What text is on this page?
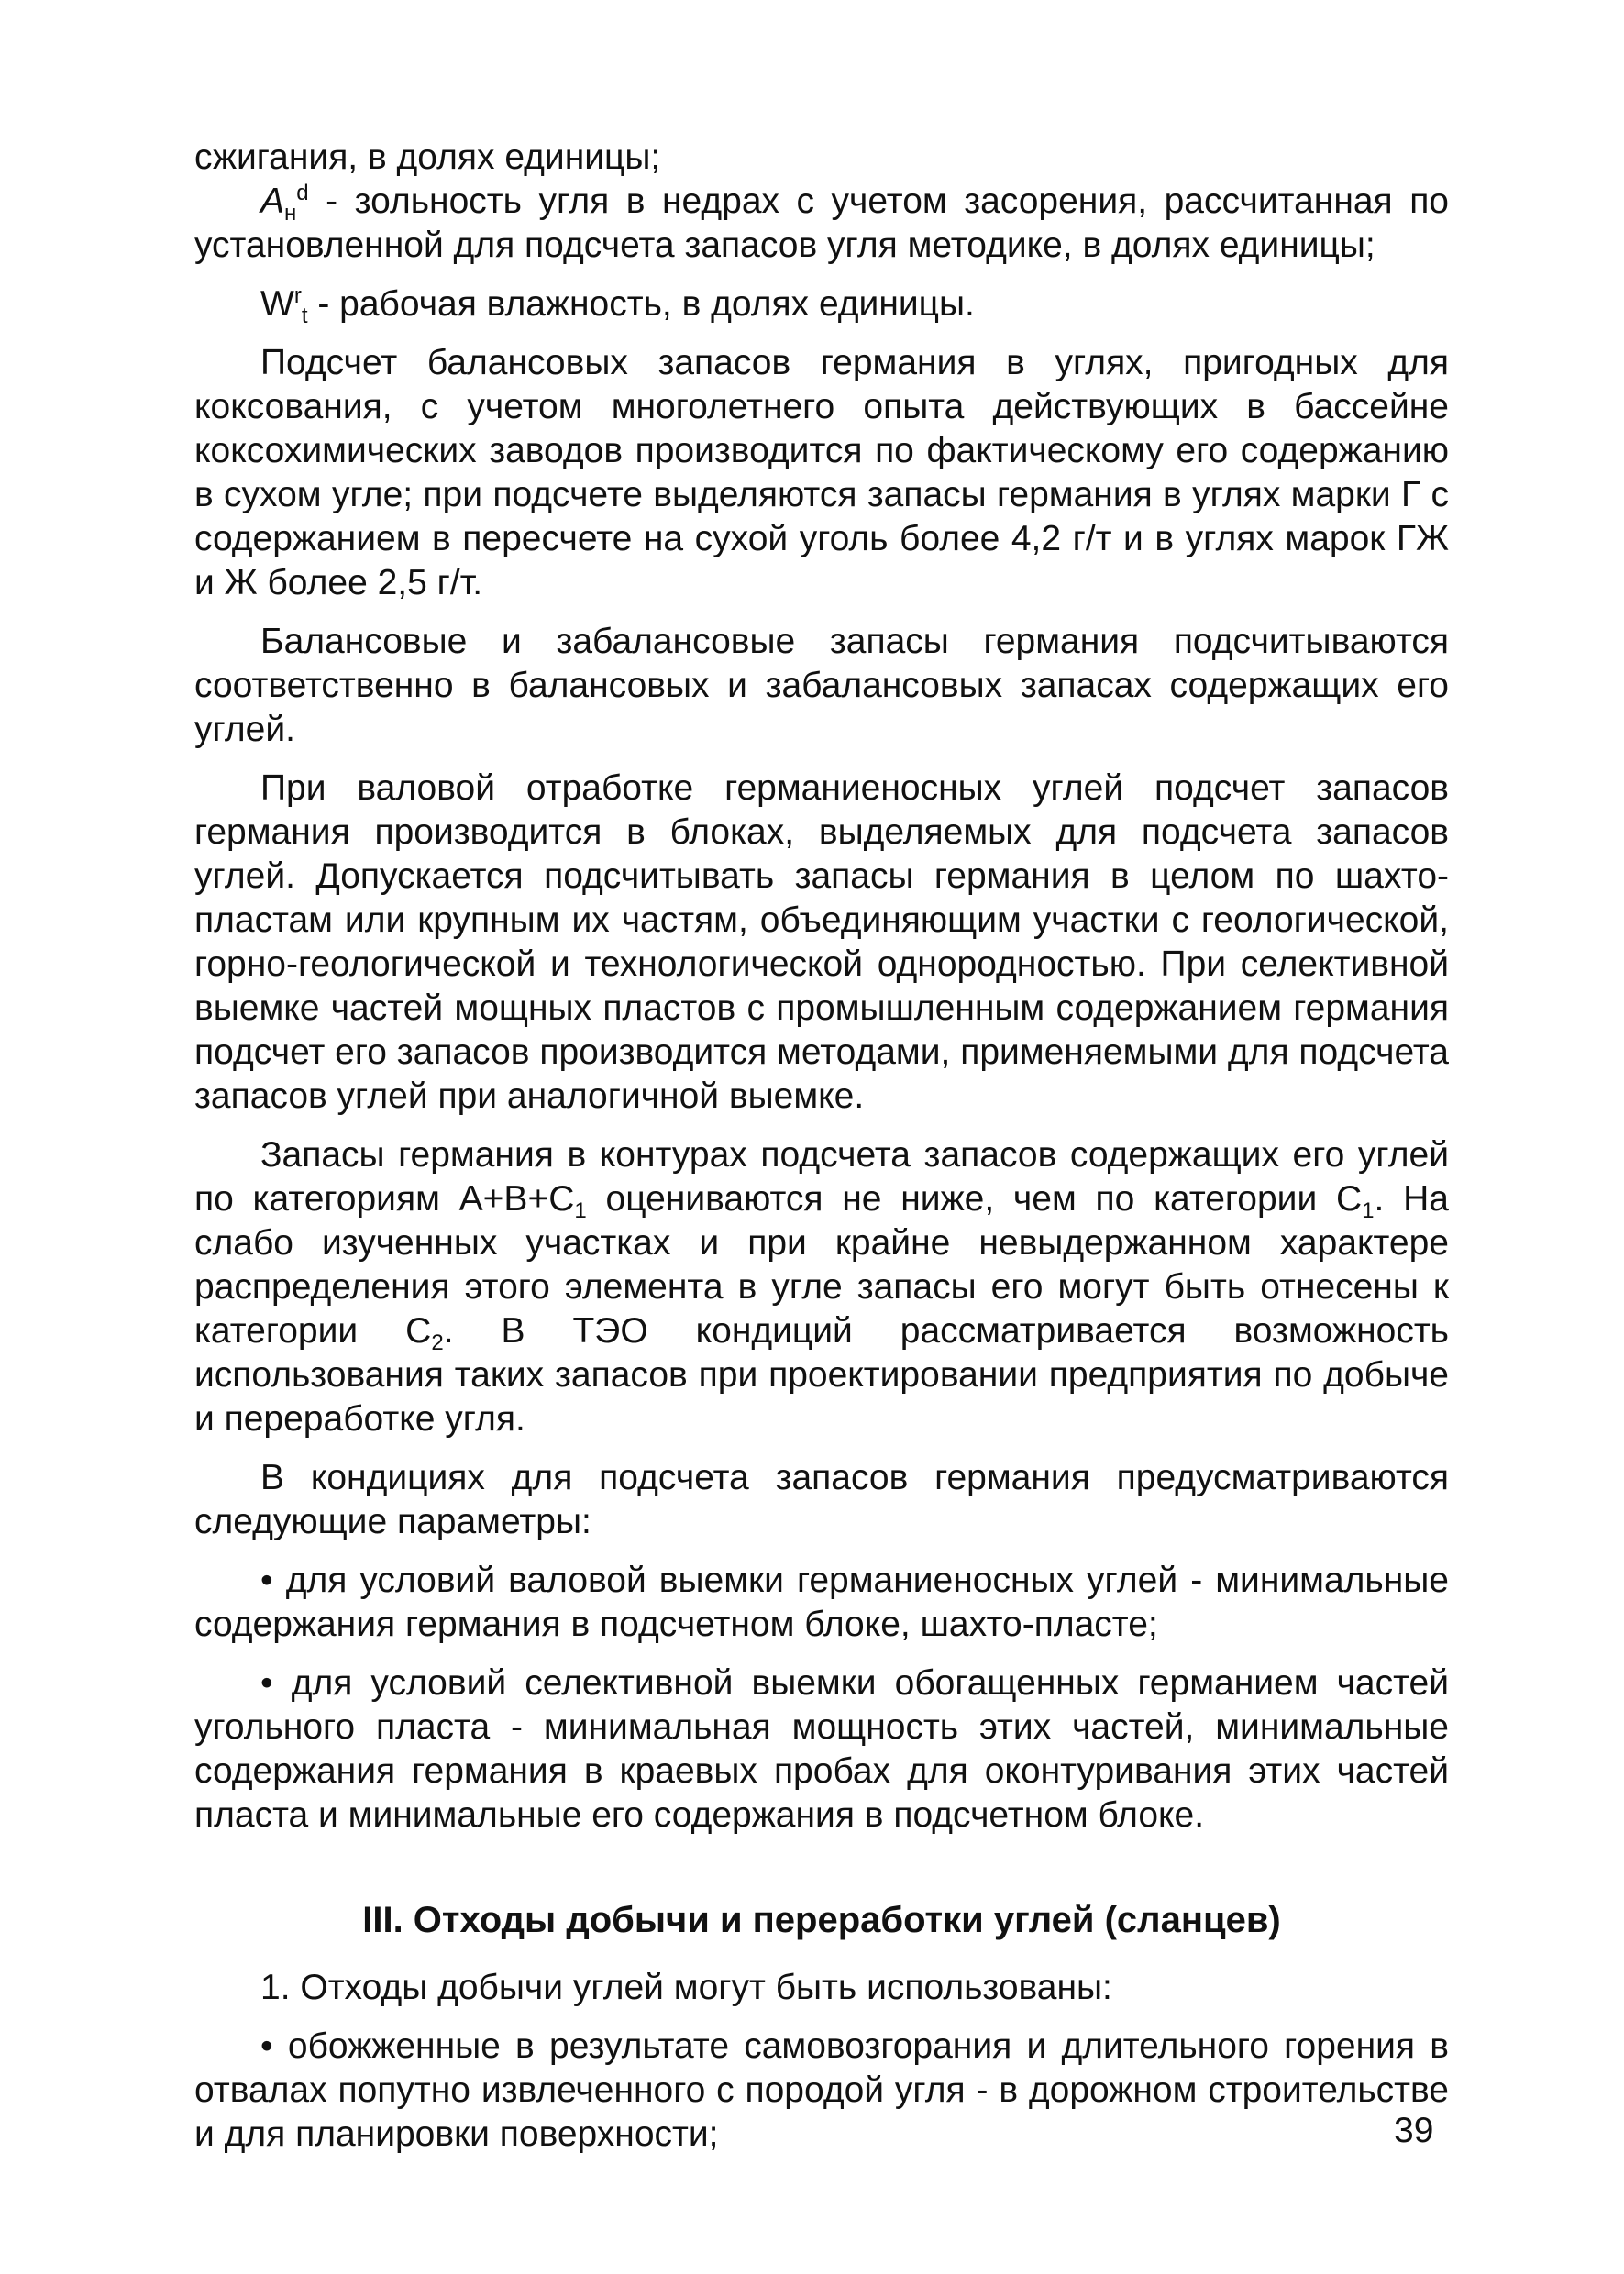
сжигания, в долях единицы;

$A_н^d$ - зольность угля в недрах с учетом засорения, рассчитанная по установленной для подсчета запасов угля методике, в долях единицы;

$W^r_t$ - рабочая влажность, в долях единицы.

Подсчет балансовых запасов германия в углях, пригодных для коксования, с учетом многолетнего опыта действующих в бассейне коксохимических заводов производится по фактическому его содержанию в сухом угле; при подсчете выделяются запасы германия в углях марки Г с содержанием в пересчете на сухой уголь более 4,2 г/т и в углях марок ГЖ и Ж более 2,5 г/т.

Балансовые и забалансовые запасы германия подсчитываются соответственно в балансовых и забалансовых запасах содержащих его углей.

При валовой отработке германиеносных углей подсчет запасов германия производится в блоках, выделяемых для подсчета запасов углей. Допускается подсчитывать запасы германия в целом по шахто-пластам или крупным их частям, объединяющим участки с геологической, горно-геологической и технологической однородностью. При селективной выемке частей мощных пластов с промышленным содержанием германия подсчет его запасов производится методами, применяемыми для подсчета запасов углей при аналогичной выемке.

Запасы германия в контурах подсчета запасов содержащих его углей по категориям $A+B+C_1$ оцениваются не ниже, чем по категории $C_1$. На слабо изученных участках и при крайне невыдержанном характере распределения этого элемента в угле запасы его могут быть отнесены к категории $C_2$. В ТЭО кондиций рассматривается возможность использования таких запасов при проектировании предприятия по добыче и переработке угля.

В кондициях для подсчета запасов германия предусматриваются следующие параметры:

• для условий валовой выемки германиеносных углей - минимальные содержания германия в подсчетном блоке, шахто-пласте;

• для условий селективной выемки обогащенных германием частей угольного пласта - минимальная мощность этих частей, минимальные содержания германия в краевых пробах для оконтуривания этих частей пласта и минимальные его содержания в подсчетном блоке.

III. Отходы добычи и переработки углей (сланцев)

1. Отходы добычи углей могут быть использованы:

• обожженные в результате самовозгорания и длительного горения в отвалах попутно извлеченного с породой угля - в дорожном строительстве и для планировки поверхности;	39
